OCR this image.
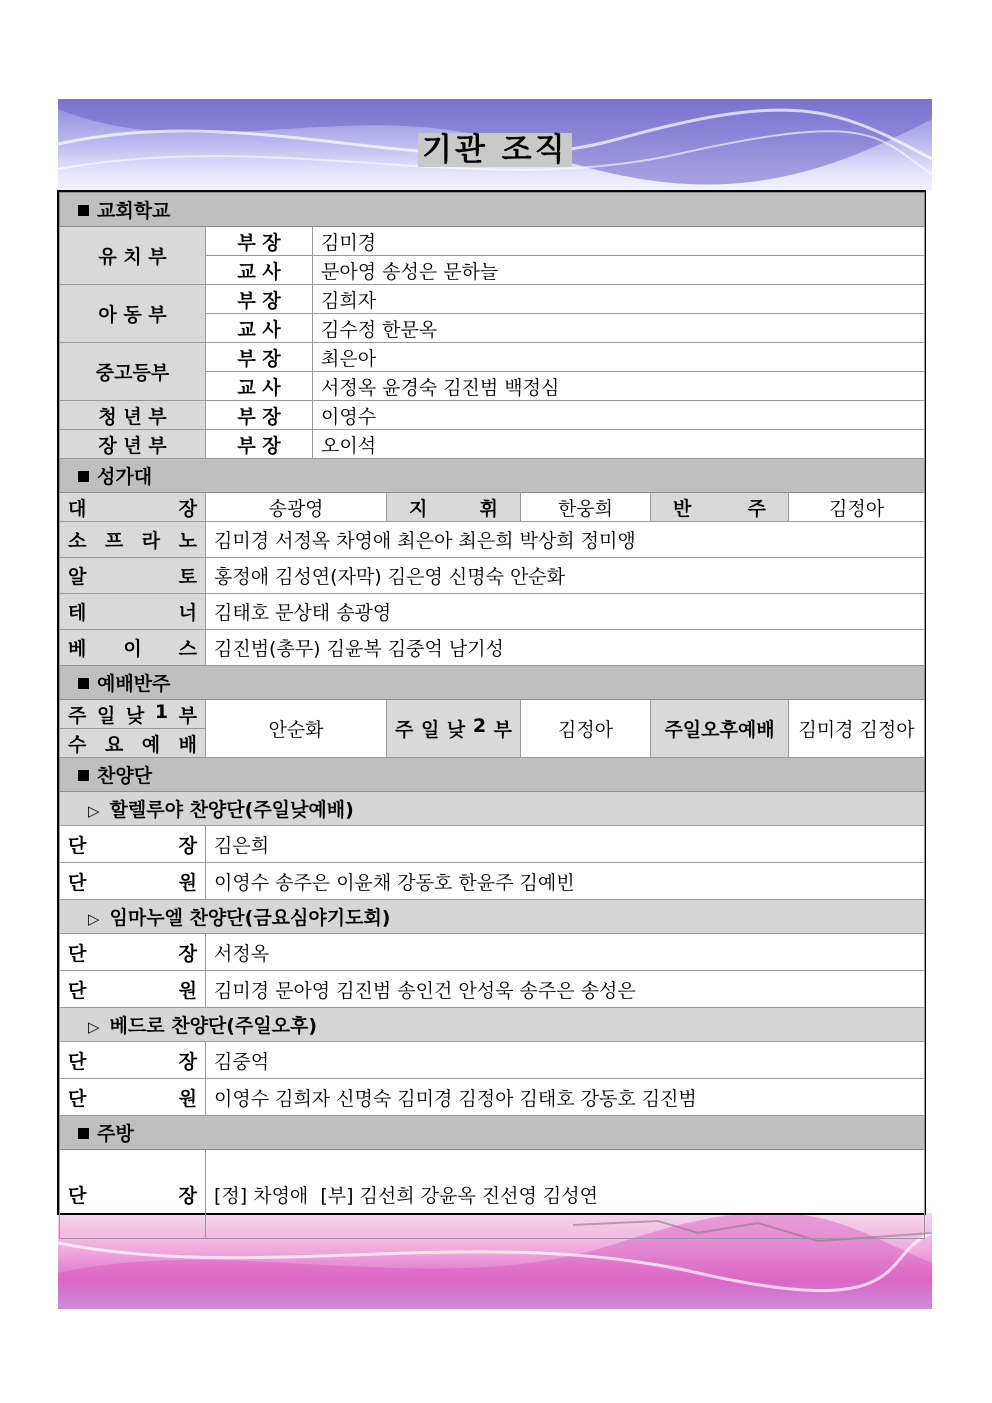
기관 조직
교회학교						
유 치 부	부 장	김미경				
	교 사	문아영 송성은 문하늘				
아 동 부	부 장	김희자				
	교 사	김수정 한문옥				
중고등부	부 장	최은아				
	교 사	서정옥 윤경숙 김진범 백정심				
청 년 부	부 장	이영수				
장 년 부	부 장	오이석				
성가대						

대 장	송광영		지 휘	한웅희	반 주	김정아

소 프 라 노	김미경 서정옥 차영애 최은아 최은희 박상희 정미앵					

알 토	홍정애 김성연(자막) 김은영 신명숙 안순화					

테 너	김태호 문상태 송광영					

베 이 스	김진범(총무) 김윤복 김중억 남기성					
예배반주						

주 일 낮 1 부	안순화		주 일 낮 2 부	김정아	주일오후예배	김미경 김정아

수 요 예 배						

찬양단						
▷ 할렐루야 찬양단(주일낮예배)						

단 장	김은희					

단 원	이영수 송주은 이윤채 강동호 한윤주 김예빈					
▷ 임마누엘 찬양단(금요심야기도회)						

단 장	서정옥					

단 원	김미경 문아영 김진범 송인건 안성욱 송주은 송성은					
▷ 베드로 찬양단(주일오후)						

단 장	김중억					

단 원	이영수 김희자 신명숙 김미경 김정아 김태호 강동호 김진범					
주방						

단 장	[정] 차영애  [부] 김선희 강윤옥 진선영 김성연					
